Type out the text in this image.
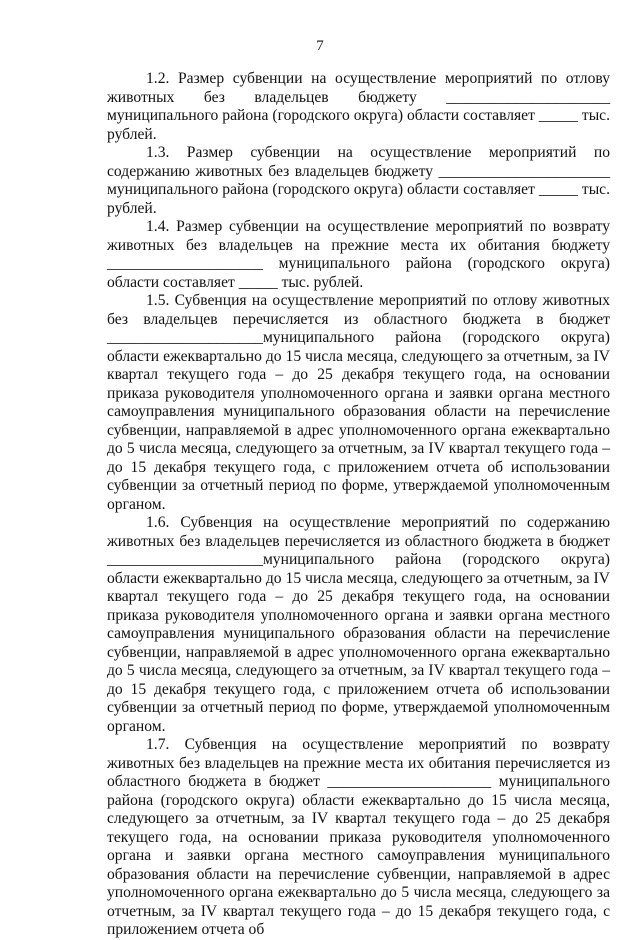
7

1.2. Размер субвенции на осуществление мероприятий по отлову животных без владельцев бюджету _____________________ муниципального района (городского округа) области составляет _____ тыс. рублей.

1.3. Размер субвенции на осуществление мероприятий по содержанию животных без владельцев бюджету ______________________ муниципального района (городского округа) области составляет _____ тыс. рублей.

1.4. Размер субвенции на осуществление мероприятий по возврату животных без владельцев на прежние места их обитания бюджету ____________________ муниципального района (городского округа) области составляет _____ тыс. рублей.

1.5. Субвенция на осуществление мероприятий по отлову животных без владельцев перечисляется из областного бюджета в бюджет ____________________муниципального района (городского округа) области ежеквартально до 15 числа месяца, следующего за отчетным, за IV квартал текущего года – до 25 декабря текущего года, на основании приказа руководителя уполномоченного органа и заявки органа местного самоуправления муниципального образования области на перечисление субвенции, направляемой в адрес уполномоченного органа ежеквартально до 5 числа месяца, следующего за отчетным, за IV квартал текущего года – до 15 декабря текущего года, с приложением отчета об использовании субвенции за отчетный период по форме, утверждаемой уполномоченным органом.

1.6. Субвенция на осуществление мероприятий по содержанию животных без владельцев перечисляется из областного бюджета в бюджет ____________________муниципального района (городского округа) области ежеквартально до 15 числа месяца, следующего за отчетным, за IV квартал текущего года – до 25 декабря текущего года, на основании приказа руководителя уполномоченного органа и заявки органа местного самоуправления муниципального образования области на перечисление субвенции, направляемой в адрес уполномоченного органа ежеквартально до 5 числа месяца, следующего за отчетным, за IV квартал текущего года – до 15 декабря текущего года, с приложением отчета об использовании субвенции за отчетный период по форме, утверждаемой уполномоченным органом.

1.7. Субвенция на осуществление мероприятий по возврату животных без владельцев на прежние места их обитания перечисляется из областного бюджета в бюджет _____________________ муниципального района (городского округа) области ежеквартально до 15 числа месяца, следующего за отчетным, за IV квартал текущего года – до 25 декабря текущего года, на основании приказа руководителя уполномоченного органа и заявки органа местного самоуправления муниципального образования области на перечисление субвенции, направляемой в адрес уполномоченного органа ежеквартально до 5 числа месяца, следующего за отчетным, за IV квартал текущего года – до 15 декабря текущего года, с приложением отчета об
